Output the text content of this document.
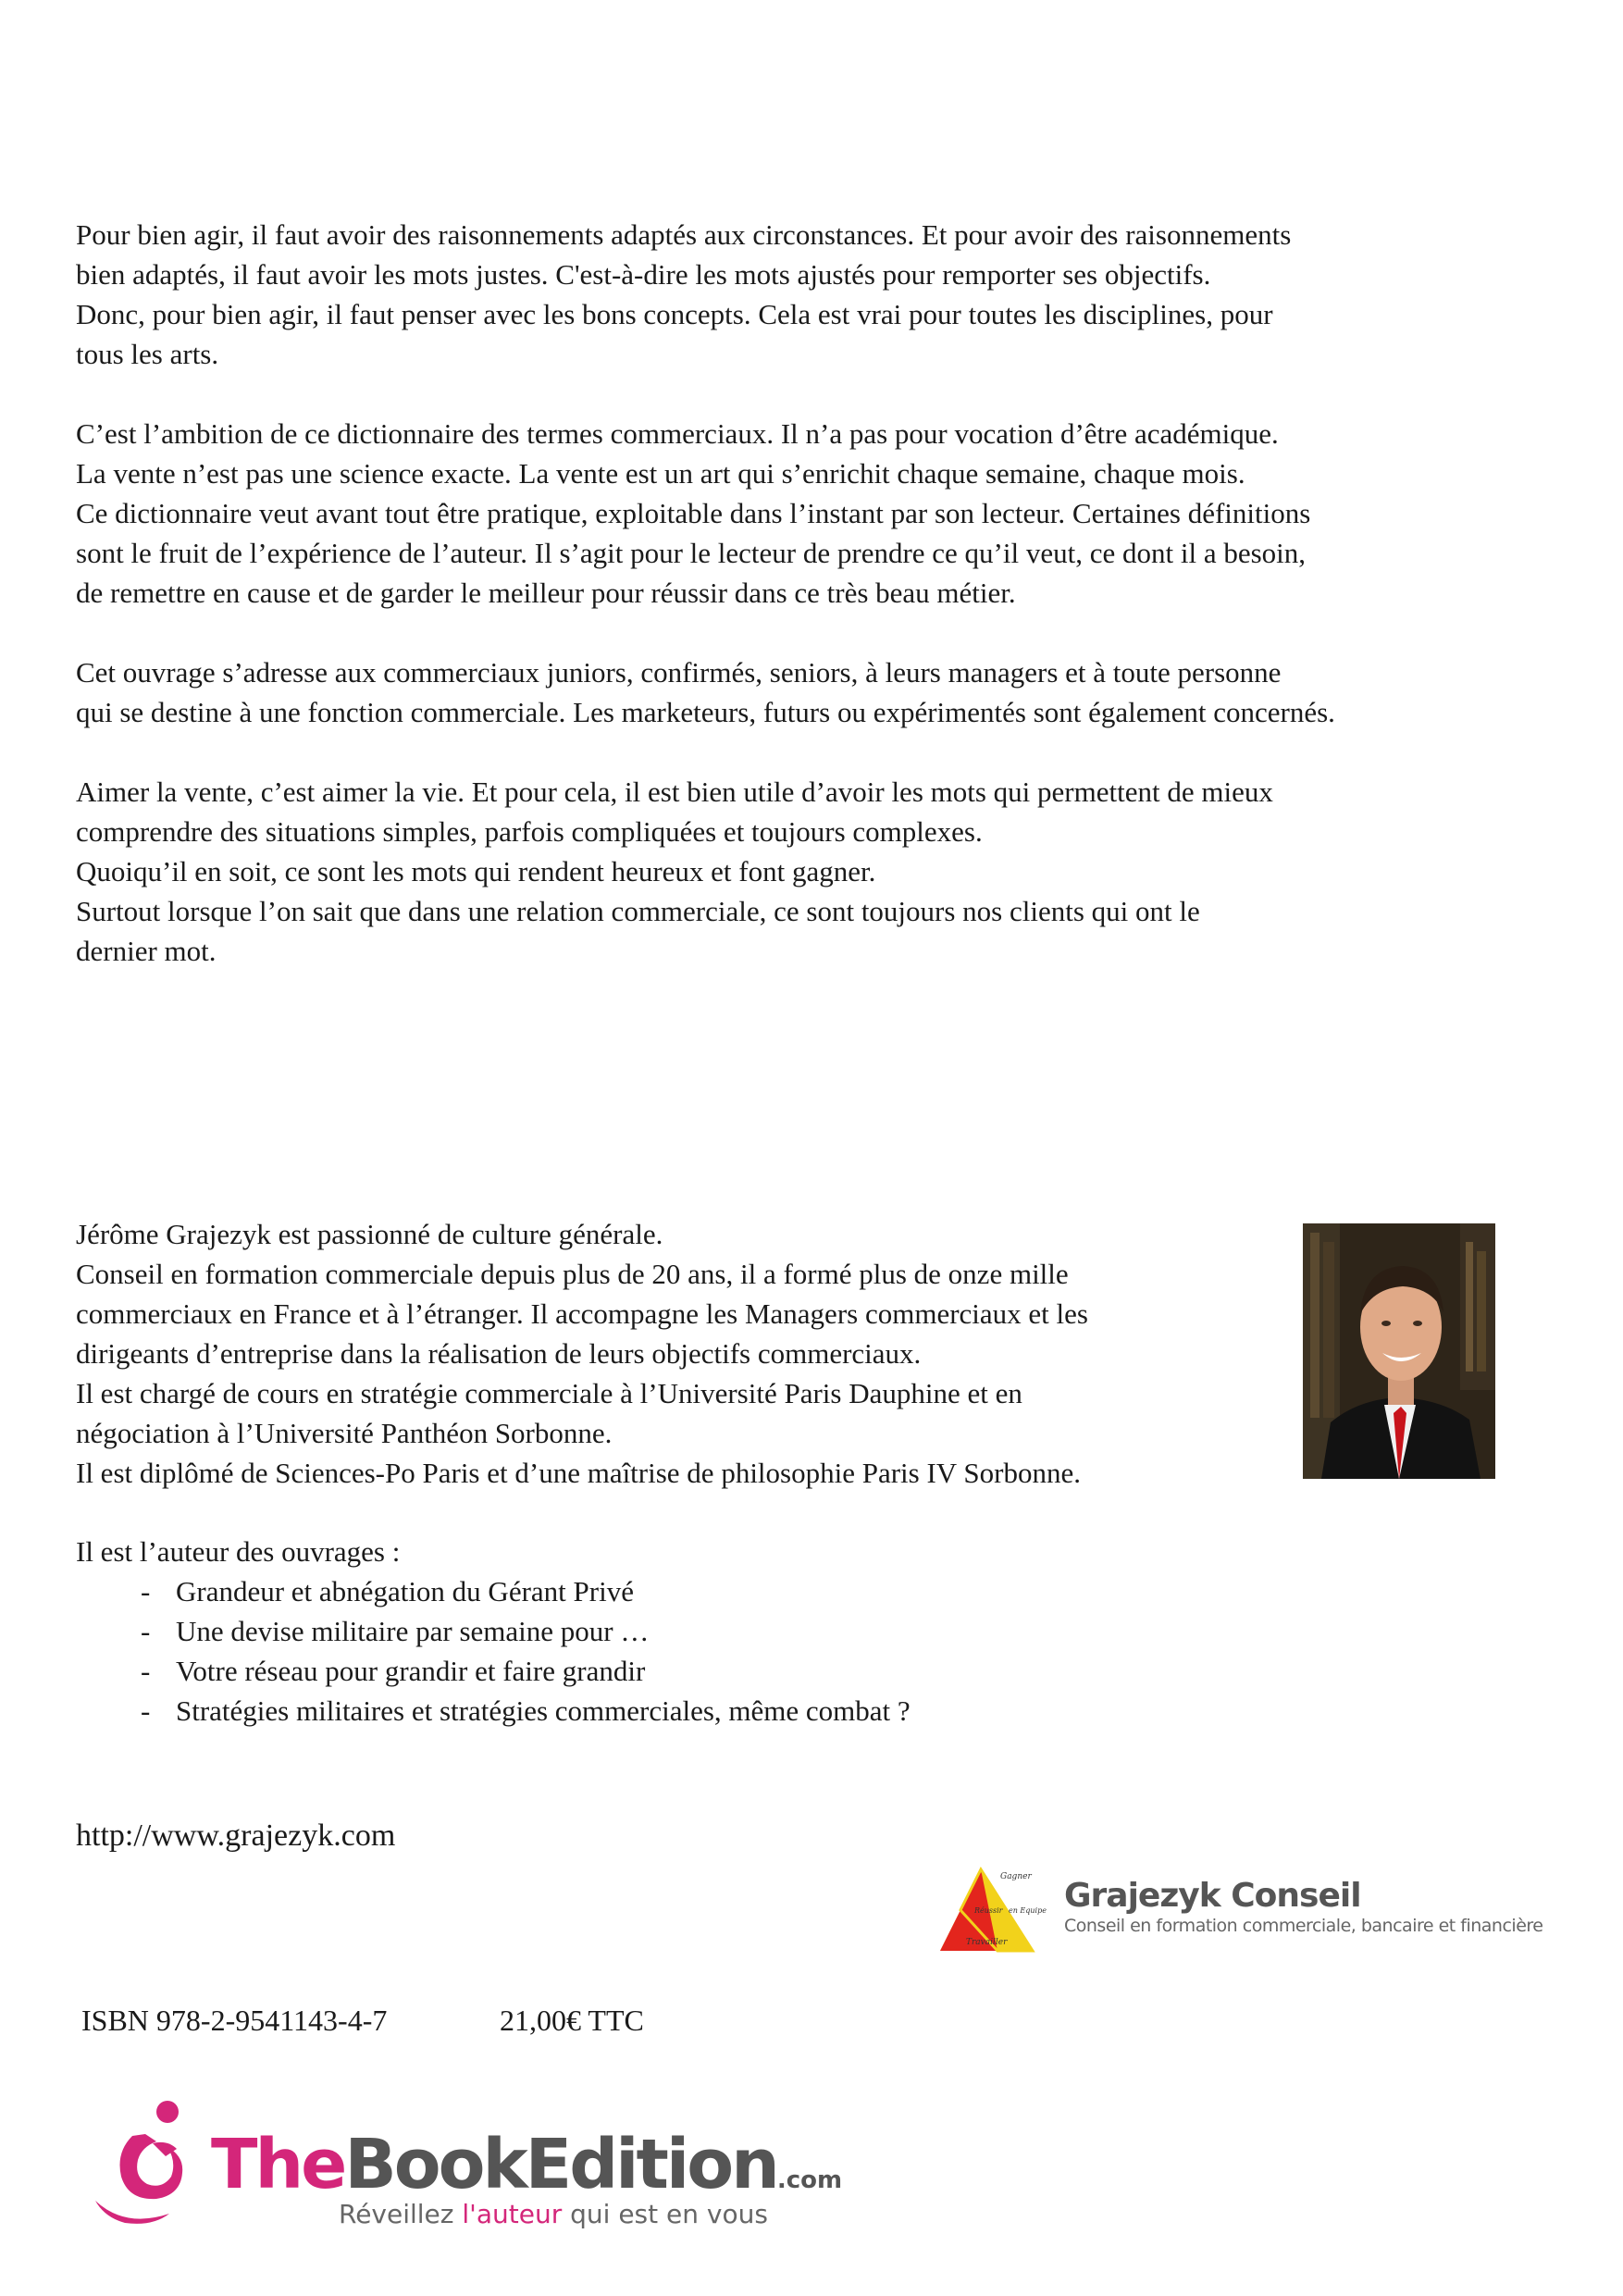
Pour bien agir, il faut avoir des raisonnements adaptés aux circonstances. Et pour avoir des raisonnements
bien adaptés, il faut avoir les mots justes. C'est-à-dire les mots ajustés pour remporter ses objectifs.
Donc, pour bien agir, il faut penser avec les bons concepts. Cela est vrai pour toutes les disciplines, pour
tous les arts.
C’est l’ambition de ce dictionnaire des termes commerciaux. Il n’a pas pour vocation d’être académique.
La vente n’est pas une science exacte. La vente est un art qui s’enrichit chaque semaine, chaque mois.
Ce dictionnaire veut avant tout être pratique, exploitable dans l’instant par son lecteur. Certaines définitions
sont le fruit de l’expérience de l’auteur. Il s’agit pour le lecteur de prendre ce qu’il veut, ce dont il a besoin,
de remettre en cause et de garder le meilleur pour réussir dans ce très beau métier.
Cet ouvrage s’adresse aux commerciaux juniors, confirmés, seniors, à leurs managers et à toute personne
qui se destine à une fonction commerciale. Les marketeurs, futurs ou expérimentés sont également concernés.
Aimer la vente, c’est aimer la vie. Et pour cela, il est bien utile d’avoir les mots qui permettent de mieux
comprendre des situations simples, parfois compliquées et toujours complexes.
Quoiqu’il en soit, ce sont les mots qui rendent heureux et font gagner.
Surtout lorsque l’on sait que dans une relation commerciale, ce sont toujours nos clients qui ont le
dernier mot.
Jérôme Grajezyk est passionné de culture générale.
Conseil en formation commerciale depuis plus de 20 ans, il a formé plus de onze mille
commerciaux en France et à l’étranger. Il accompagne les Managers commerciaux et les
dirigeants d’entreprise dans la réalisation de leurs objectifs commerciaux.
Il est chargé de cours en stratégie commerciale à l’Université Paris Dauphine et en
négociation à l’Université Panthéon Sorbonne.
Il est diplômé de Sciences-Po Paris et d’une maîtrise de philosophie Paris IV Sorbonne.
Il est l’auteur des ouvrages :
- Grandeur et abnégation du Gérant Privé
- Une devise militaire par semaine pour …
- Votre réseau pour grandir et faire grandir
- Stratégies militaires et stratégies commerciales, même combat ?
http://www.grajezyk.com
Gagner
Réussir en Equipe
Travailler
Grajezyk Conseil
Conseil en formation commerciale, bancaire et financière
ISBN 978-2-9541143-4-7	21,00€ TTC
TheBookEdition.com
Réveillez l'auteur qui est en vous
